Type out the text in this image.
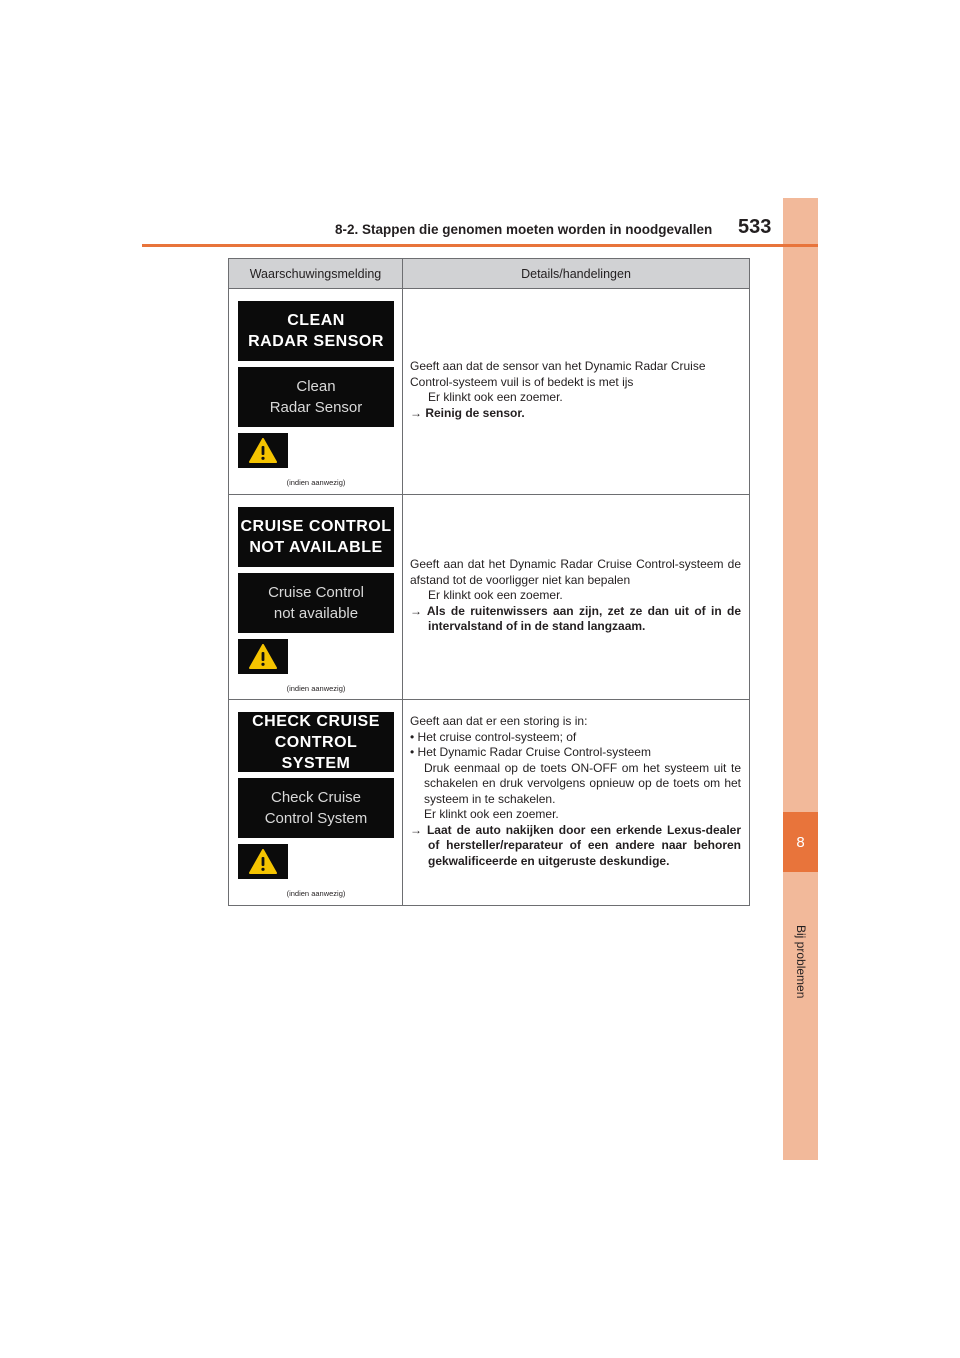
8
Bij problemen
8-2. Stappen die genomen moeten worden in noodgevallen 533
Waarschuwingsmelding	Details/handelingen
CLEAN
RADAR SENSOR
Clean
Radar Sensor
(indien aanwezig)

Geeft aan dat de sensor van het Dynamic Radar Cruise Control-systeem vuil is of bedekt is met ijs

Er klinkt ook een zoemer.

→ Reinig de sensor.

CRUISE CONTROL
NOT AVAILABLE
Cruise Control
not available
(indien aanwezig)

Geeft aan dat het Dynamic Radar Cruise Control-systeem de afstand tot de voorligger niet kan bepalen

Er klinkt ook een zoemer.

→ Als de ruitenwissers aan zijn, zet ze dan uit of in de intervalstand of in de stand langzaam.

CHECK CRUISE
CONTROL SYSTEM
Check Cruise
Control System
(indien aanwezig)

Geeft aan dat er een storing is in:

• Het cruise control-systeem; of

• Het Dynamic Radar Cruise Control-systeem

Druk eenmaal op de toets ON-OFF om het systeem uit te schakelen en druk vervolgens opnieuw op de toets om het systeem in te schakelen.

Er klinkt ook een zoemer.

→ Laat de auto nakijken door een erkende Lexus-dealer of hersteller/reparateur of een andere naar behoren gekwalificeerde en uitgeruste deskundige.
